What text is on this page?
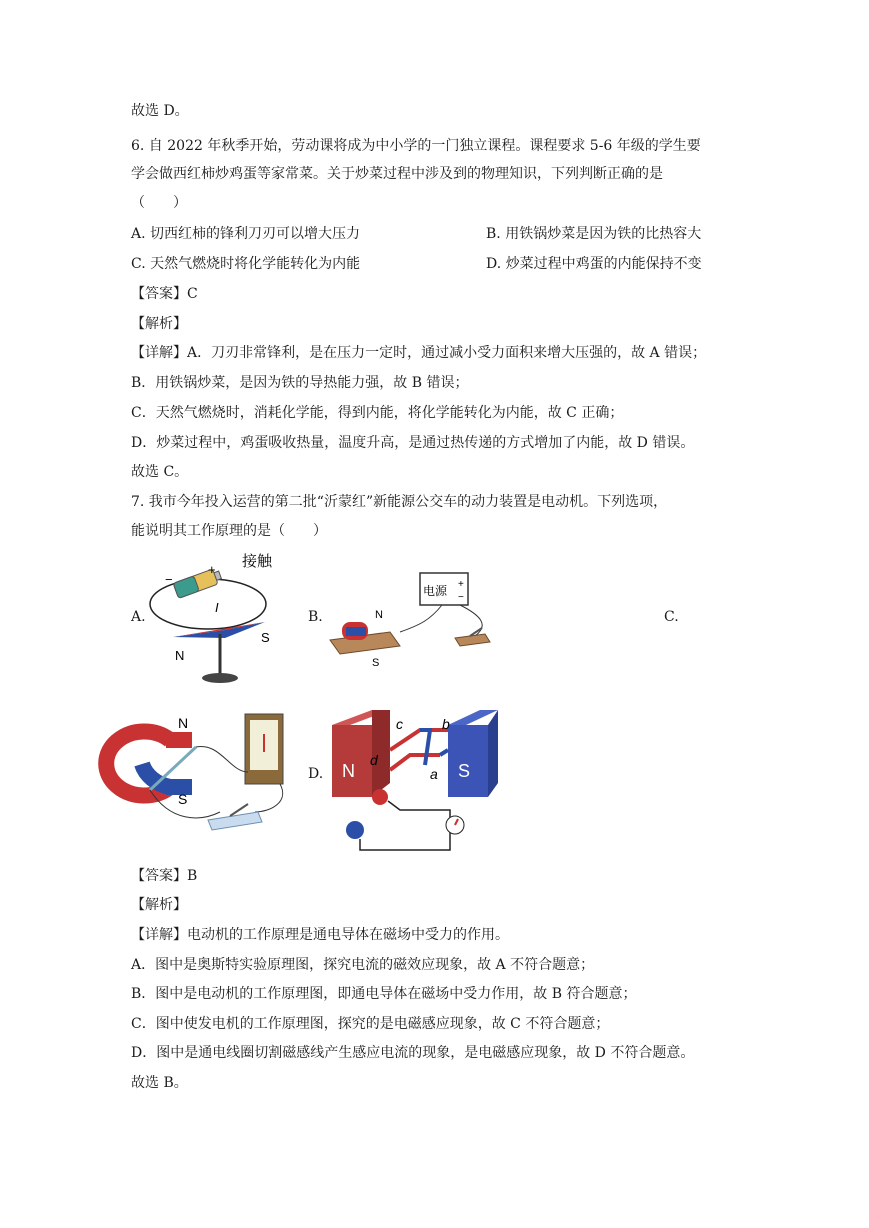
故选 D。
6. 自 2022 年秋季开始，劳动课将成为中小学的一门独立课程。课程要求 5-6 年级的学生要
学会做西红柿炒鸡蛋等家常菜。关于炒菜过程中涉及到的物理知识，下列判断正确的是
（　　）
A. 切西红柿的锋利刀刃可以增大压力	B. 用铁锅炒菜是因为铁的比热容大
C. 天然气燃烧时将化学能转化为内能	D. 炒菜过程中鸡蛋的内能保持不变
【答案】C
【解析】
【详解】A．刀刃非常锋利，是在压力一定时，通过减小受力面积来增大压强的，故 A 错误；
B．用铁锅炒菜，是因为铁的导热能力强，故 B 错误；
C．天然气燃烧时，消耗化学能，得到内能，将化学能转化为内能，故 C 正确；
D．炒菜过程中，鸡蛋吸收热量，温度升高，是通过热传递的方式增加了内能，故 D 错误。
故选 C。
7. 我市今年投入运营的第二批“沂蒙红”新能源公交车的动力装置是电动机。下列选项，
能说明其工作原理的是（　　）
A.	B.	C.
D.
−
+ 接触
I
N
S
电源 +
−
N
S
N
S
N	S
c	b
d
a
【答案】B
【解析】
【详解】电动机的工作原理是通电导体在磁场中受力的作用。
A．图中是奥斯特实验原理图，探究电流的磁效应现象，故 A 不符合题意；
B．图中是电动机的工作原理图，即通电导体在磁场中受力作用，故 B 符合题意；
C．图中使发电机的工作原理图，探究的是电磁感应现象，故 C 不符合题意；
D．图中是通电线圈切割磁感线产生感应电流的现象，是电磁感应现象，故 D 不符合题意。
故选 B。
